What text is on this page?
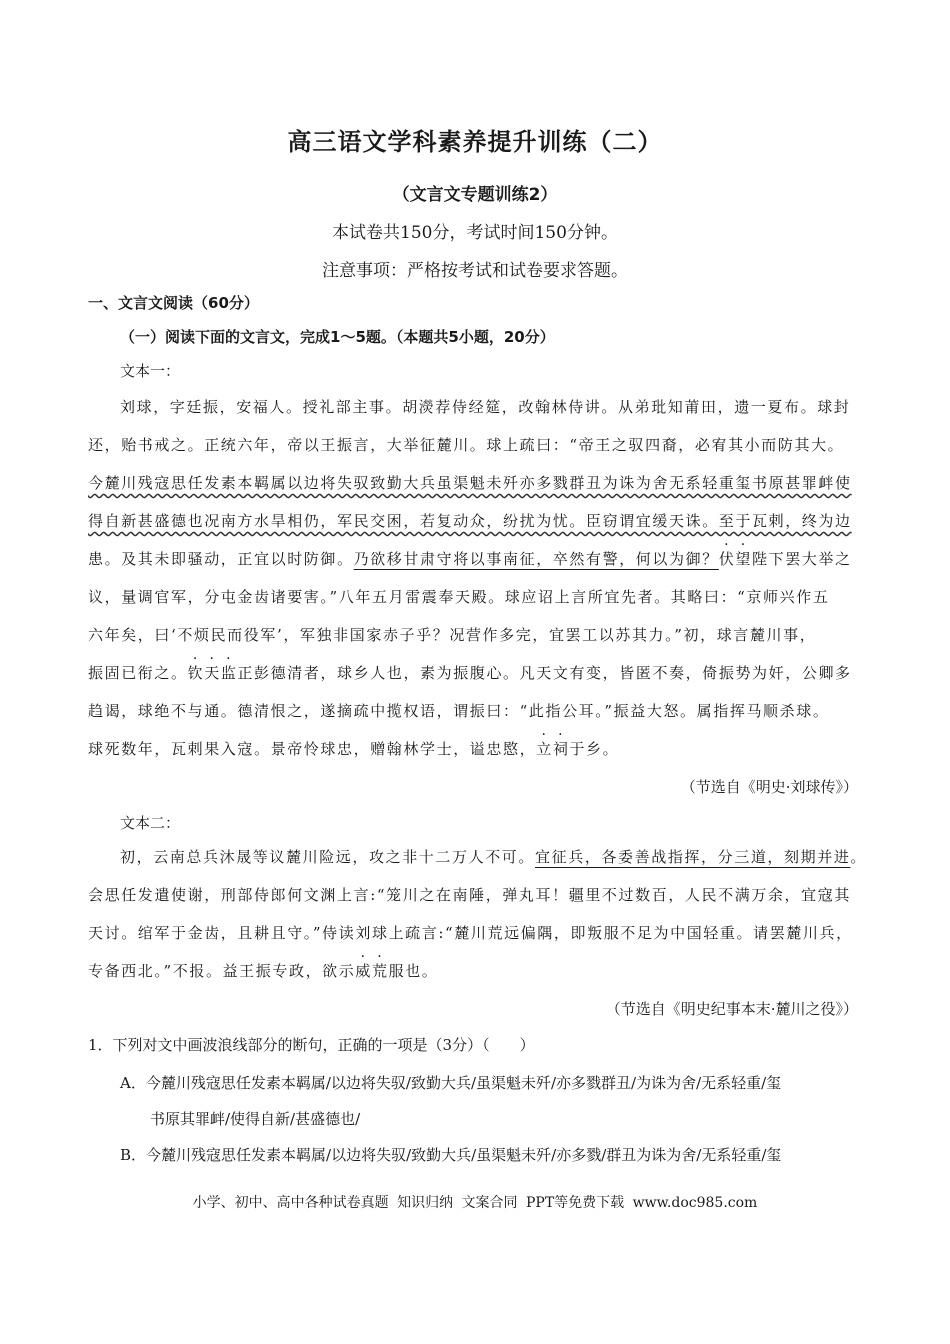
高三语文学科素养提升训练（二）
（文言文专题训练2）
本试卷共150分，考试时间150分钟。
注意事项：严格按考试和试卷要求答题。
一、文言文阅读（60分）
（一）阅读下面的文言文，完成1～5题。（本题共5小题，20分）
文本一：
刘球，字廷振，安福人。授礼部主事。胡濙荐侍经筵，改翰林侍讲。从弟玭知莆田，遗一夏布。球封
还，贻书戒之。正统六年，帝以王振言，大举征麓川。球上疏曰：“帝王之驭四裔，必宥其小而防其大。
今麓川残寇思任发素本羁属以边将失驭致勤大兵虽渠魁未歼亦多戮群丑为诛为舍无系轻重玺书原甚罪衅使
得自新甚盛德也况南方水旱相仍，军民交困，若复动众，纷扰为忧。臣窃谓宜缓天诛。至于瓦剌，终为边
患。及其未即骚动，正宜以时防御。乃欲移甘肃守将以事南征，卒然有警，何以为御？伏望陛下罢大举之
议，量调官军，分屯金齿诸要害。”八年五月雷震奉天殿。球应诏上言所宜先者。其略曰：“京师兴作五
六年矣，曰‘不烦民而役军’，军独非国家赤子乎？况营作多完，宜罢工以苏其力。”初，球言麓川事，
振固已衔之。钦天监正彭德清者，球乡人也，素为振腹心。凡天文有变，皆匿不奏，倚振势为奸，公卿多
趋谒，球绝不与通。德清恨之，遂摘疏中揽权语，谓振曰：“此指公耳。”振益大怒。属指挥马顺杀球。
球死数年，瓦剌果入寇。景帝怜球忠，赠翰林学士，谥忠愍，立祠于乡。
（节选自《明史·刘球传》）
文本二：
初，云南总兵沐晟等议麓川险远，攻之非十二万人不可。宜征兵，各委善战指挥，分三道，刻期并进。
会思任发遣使谢，刑部侍郎何文渊上言:“笼川之在南陲，弹丸耳！疆里不过数百，人民不满万余，宜寇其
天讨。绾军于金齿，且耕且守。”侍读刘球上疏言:“麓川荒远偏隅，即叛服不足为中国轻重。请罢麓川兵，
专备西北。”不报。益王振专政，欲示威荒服也。
（节选自《明史纪事本末·麓川之役》）
1．下列对文中画波浪线部分的断句，正确的一项是（3分）（　　）
A．今麓川残寇思任发素本羁属/以边将失驭/致勤大兵/虽渠魁未歼/亦多戮群丑/为诛为舍/无系轻重/玺
书原其罪衅/使得自新/甚盛德也/
B．今麓川残寇思任发素本羁属/以边将失驭/致勤大兵/虽渠魁未歼/亦多戮/群丑为诛为舍/无系轻重/玺
小学、初中、高中各种试卷真题 知识归纳 文案合同 PPT等免费下载 www.doc985.com
